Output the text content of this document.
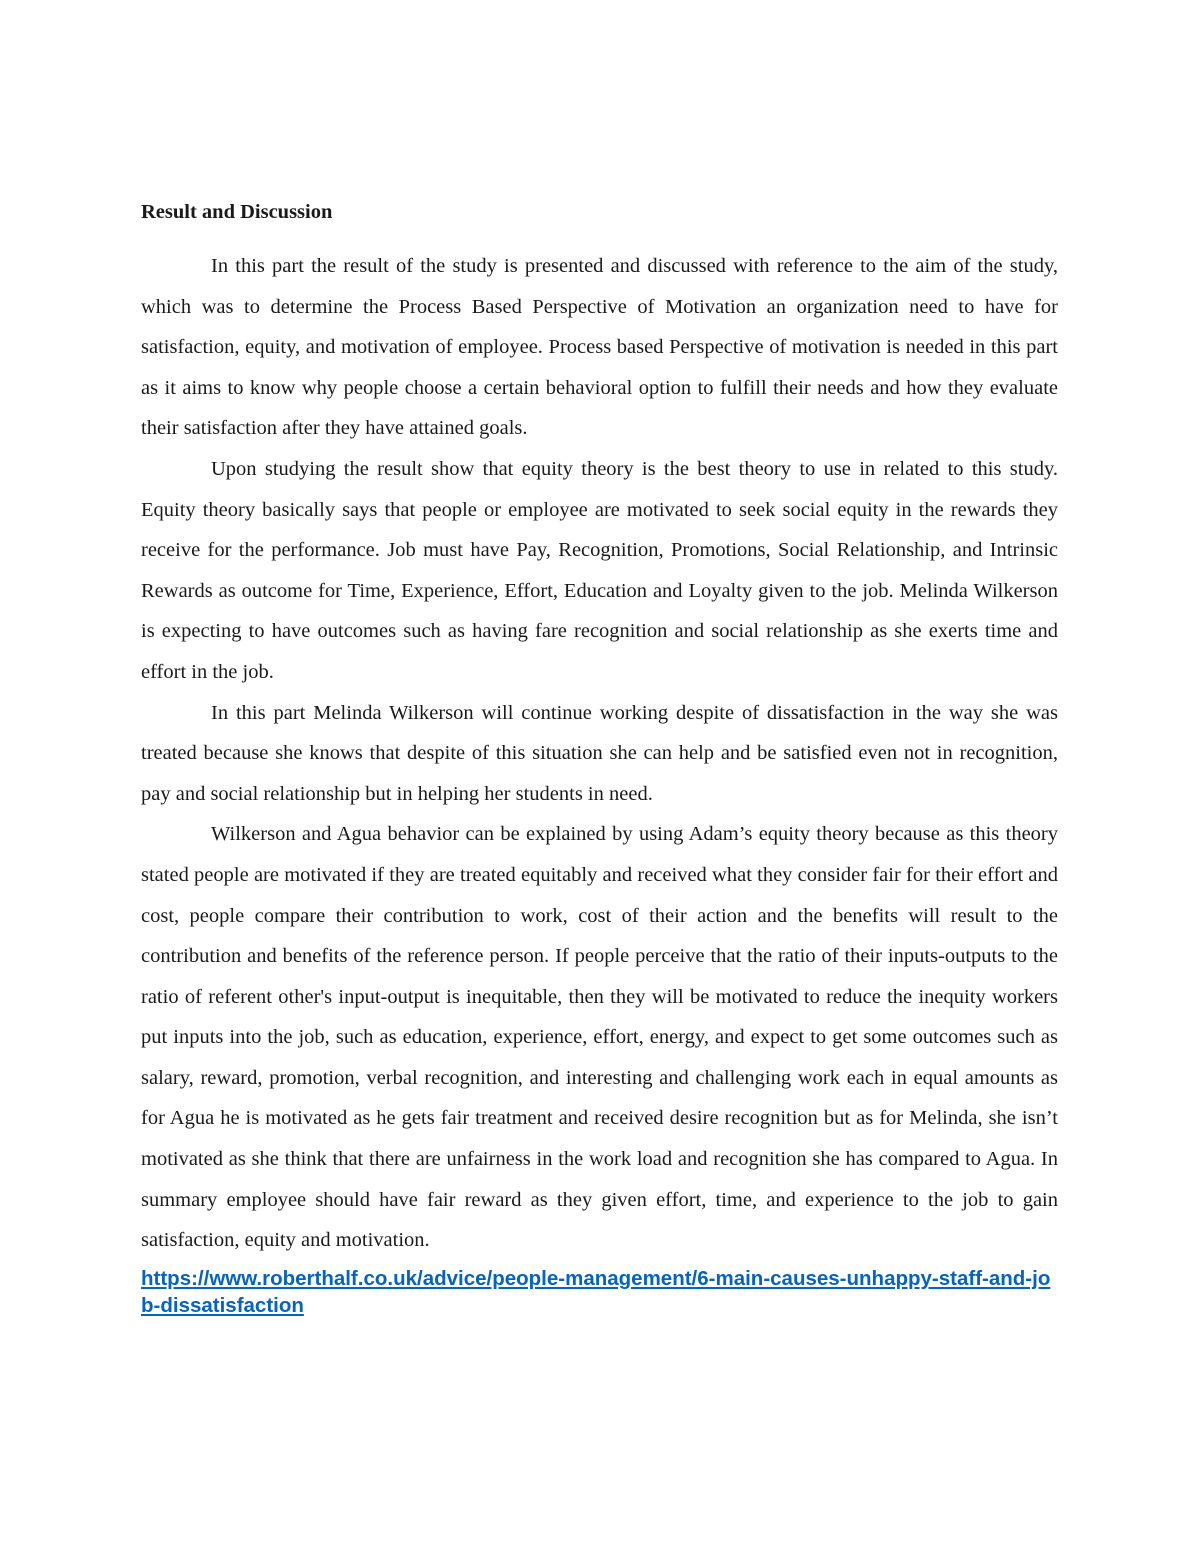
Result and Discussion

In this part the result of the study is presented and discussed with reference to the aim of the study, which was to determine the Process Based Perspective of Motivation an organization need to have for satisfaction, equity, and motivation of employee. Process based Perspective of motivation is needed in this part as it aims to know why people choose a certain behavioral option to fulfill their needs and how they evaluate their satisfaction after they have attained goals.

Upon studying the result show that equity theory is the best theory to use in related to this study. Equity theory basically says that people or employee are motivated to seek social equity in the rewards they receive for the performance. Job must have Pay, Recognition, Promotions, Social Relationship, and Intrinsic Rewards as outcome for Time, Experience, Effort, Education and Loyalty given to the job. Melinda Wilkerson is expecting to have outcomes such as having fare recognition and social relationship as she exerts time and effort in the job.

In this part Melinda Wilkerson will continue working despite of dissatisfaction in the way she was treated because she knows that despite of this situation she can help and be satisfied even not in recognition, pay and social relationship but in helping her students in need.

Wilkerson and Agua behavior can be explained by using Adam’s equity theory because as this theory stated people are motivated if they are treated equitably and received what they consider fair for their effort and cost, people compare their contribution to work, cost of their action and the benefits will result to the contribution and benefits of the reference person. If people perceive that the ratio of their inputs-outputs to the ratio of referent other's input-output is inequitable, then they will be motivated to reduce the inequity workers put inputs into the job, such as education, experience, effort, energy, and expect to get some outcomes such as salary, reward, promotion, verbal recognition, and interesting and challenging work each in equal amounts as for Agua he is motivated as he gets fair treatment and received desire recognition but as for Melinda, she isn’t motivated as she think that there are unfairness in the work load and recognition she has compared to Agua. In summary employee should have fair reward as they given effort, time, and experience to the job to gain satisfaction, equity and motivation.

https://www.roberthalf.co.uk/advice/people-management/6-main-causes-unhappy-staff-and-job-dissatisfaction
